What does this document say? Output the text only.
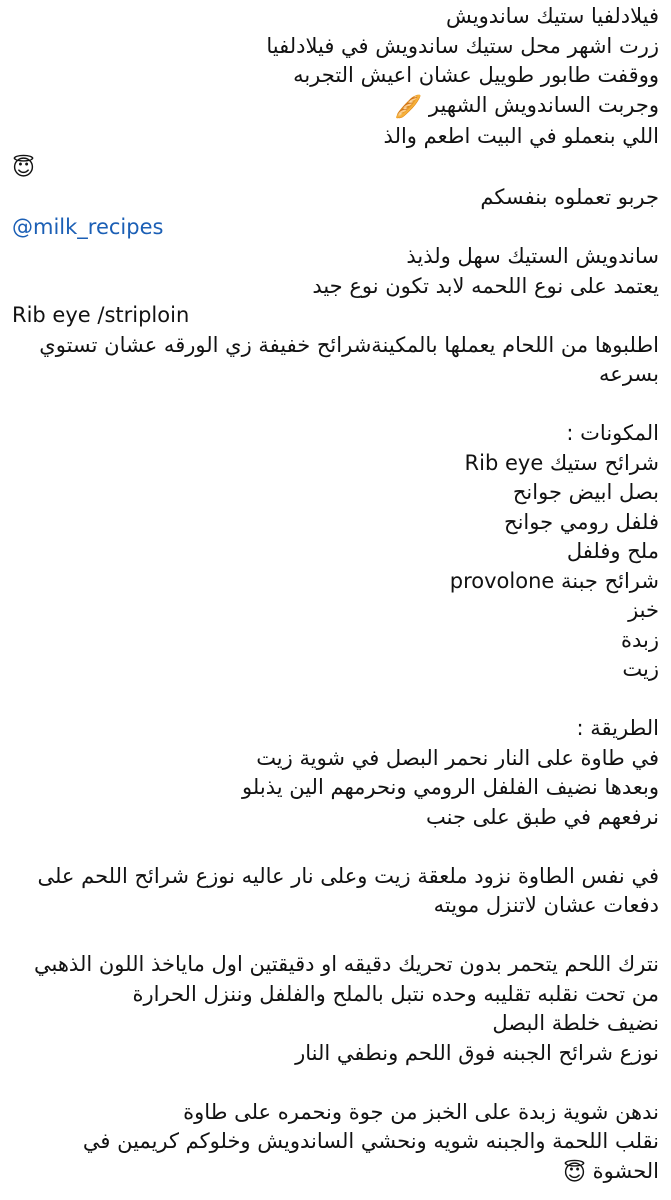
فيلادلفيا ستيك ساندويش
زرت اشهر محل ستيك ساندويش في فيلادلفيا
ووقفت طابور طوييل عشان اعيش التجربه
وجربت الساندويش الشهير 🥖
اللي بنعملو في البيت اطعم والذ
😇
جربو تعملوه بنفسكم
@milk_recipes
ساندويش الستيك سهل ولذيذ
يعتمد على نوع اللحمه لابد تكون نوع جيد
Rib eye /striploin
اطلبوها من اللحام يعملها بالمكينةشرائح خفيفة زي الورقه عشان تستوي بسرعه
المكونات :
شرائح ستيك Rib eye
بصل ابيض جوانح
فلفل رومي جوانح
ملح وفلفل
شرائح جبنة provolone
خبز
زبدة
زيت
الطريقة :
في طاوة على النار نحمر البصل في شوية زيت
وبعدها نضيف الفلفل الرومي ونحرمهم الين يذبلو
نرفعهم في طبق على جنب
في نفس الطاوة نزود ملعقة زيت وعلى نار عاليه نوزع شرائح اللحم على دفعات عشان لاتنزل مويته
نترك اللحم يتحمر بدون تحريك دقيقه او دقيقتين اول مايا‌خذ اللون الذهبي من تحت نقلبه تقليبه وحده نتبل بالملح والفلفل وننزل الحرارة
نضيف خلطة البصل
نوزع شرائح الجبنه فوق اللحم ونطفي النار
ندهن شوية زبدة على الخبز من جوة ونحمره على طاوة
نقلب اللحمة والجبنه شويه ونحشي الساندويش وخلوكم كريمين في الحشوة 😇
